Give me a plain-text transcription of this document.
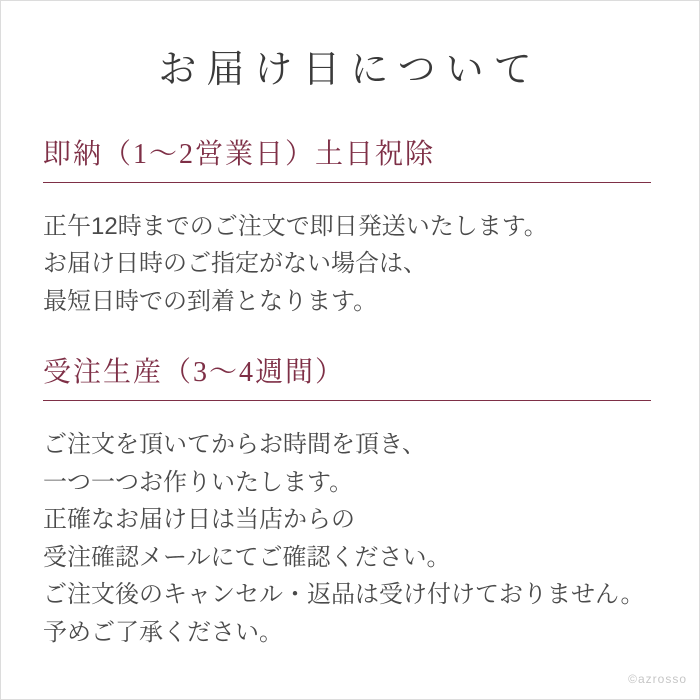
お届け日について
即納（1〜2営業日）土日祝除

正午12時までのご注文で即日発送いたします。
お届け日時のご指定がない場合は、
最短日時での到着となります。

受注生産（3〜4週間）

ご注文を頂いてからお時間を頂き、
一つ一つお作りいたします。
正確なお届け日は当店からの
受注確認メールにてご確認ください。
ご注文後のキャンセル・返品は受け付けておりません。
予めご了承ください。

©azrosso
